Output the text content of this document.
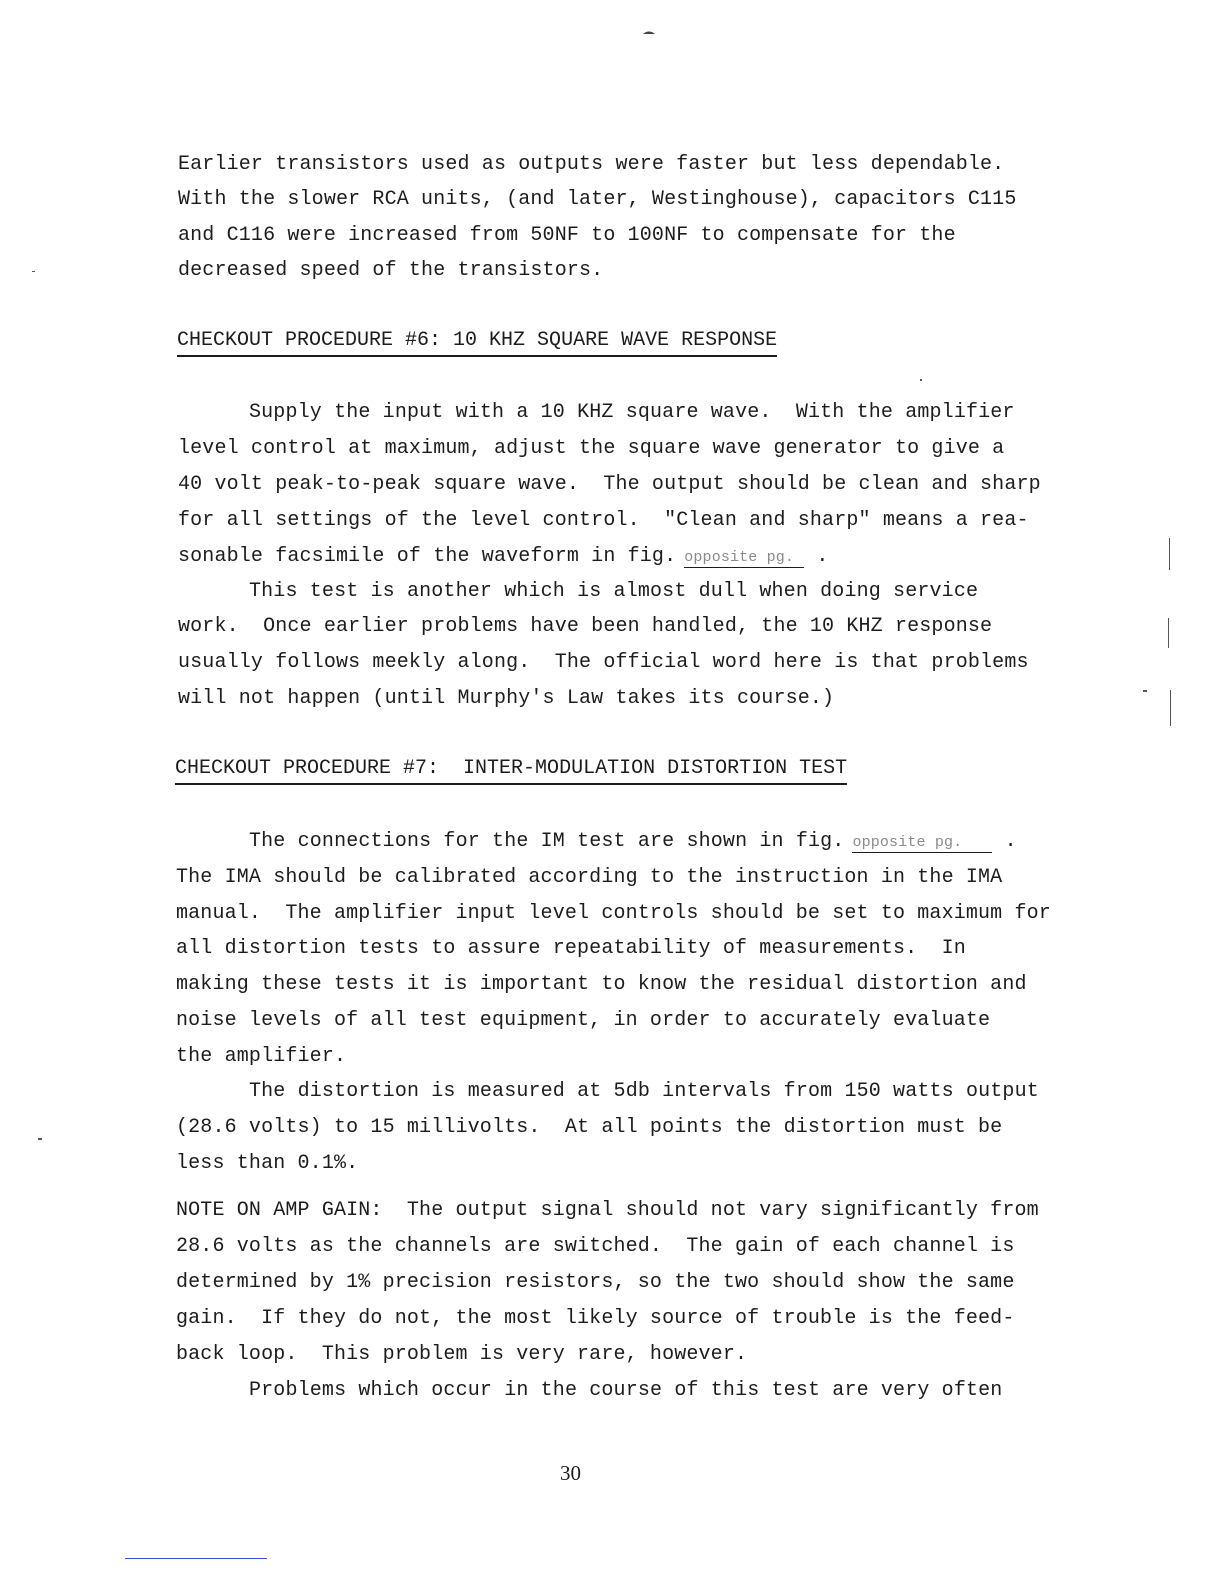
Earlier transistors used as outputs were faster but less dependable.
With the slower RCA units, (and later, Westinghouse), capacitors C115
and C116 were increased from 50NF to 100NF to compensate for the
decreased speed of the transistors.
CHECKOUT PROCEDURE #6: 10 KHZ SQUARE WAVE RESPONSE
Supply the input with a 10 KHZ square wave.  With the amplifier
level control at maximum, adjust the square wave generator to give a
40 volt peak-to-peak square wave.  The output should be clean and sharp
for all settings of the level control.  "Clean and sharp" means a rea-
sonable facsimile of the waveform in fig. opposite pg. .
This test is another which is almost dull when doing service
work.  Once earlier problems have been handled, the 10 KHZ response
usually follows meekly along.  The official word here is that problems
will not happen (until Murphy's Law takes its course.)
CHECKOUT PROCEDURE #7:  INTER-MODULATION DISTORTION TEST
The connections for the IM test are shown in fig. opposite pg. .
The IMA should be calibrated according to the instruction in the IMA
manual.  The amplifier input level controls should be set to maximum for
all distortion tests to assure repeatability of measurements.  In
making these tests it is important to know the residual distortion and
noise levels of all test equipment, in order to accurately evaluate
the amplifier.
The distortion is measured at 5db intervals from 150 watts output
(28.6 volts) to 15 millivolts.  At all points the distortion must be
less than 0.1%.
NOTE ON AMP GAIN:  The output signal should not vary significantly from
28.6 volts as the channels are switched.  The gain of each channel is
determined by 1% precision resistors, so the two should show the same
gain.  If they do not, the most likely source of trouble is the feed-
back loop.  This problem is very rare, however.
Problems which occur in the course of this test are very often
30
